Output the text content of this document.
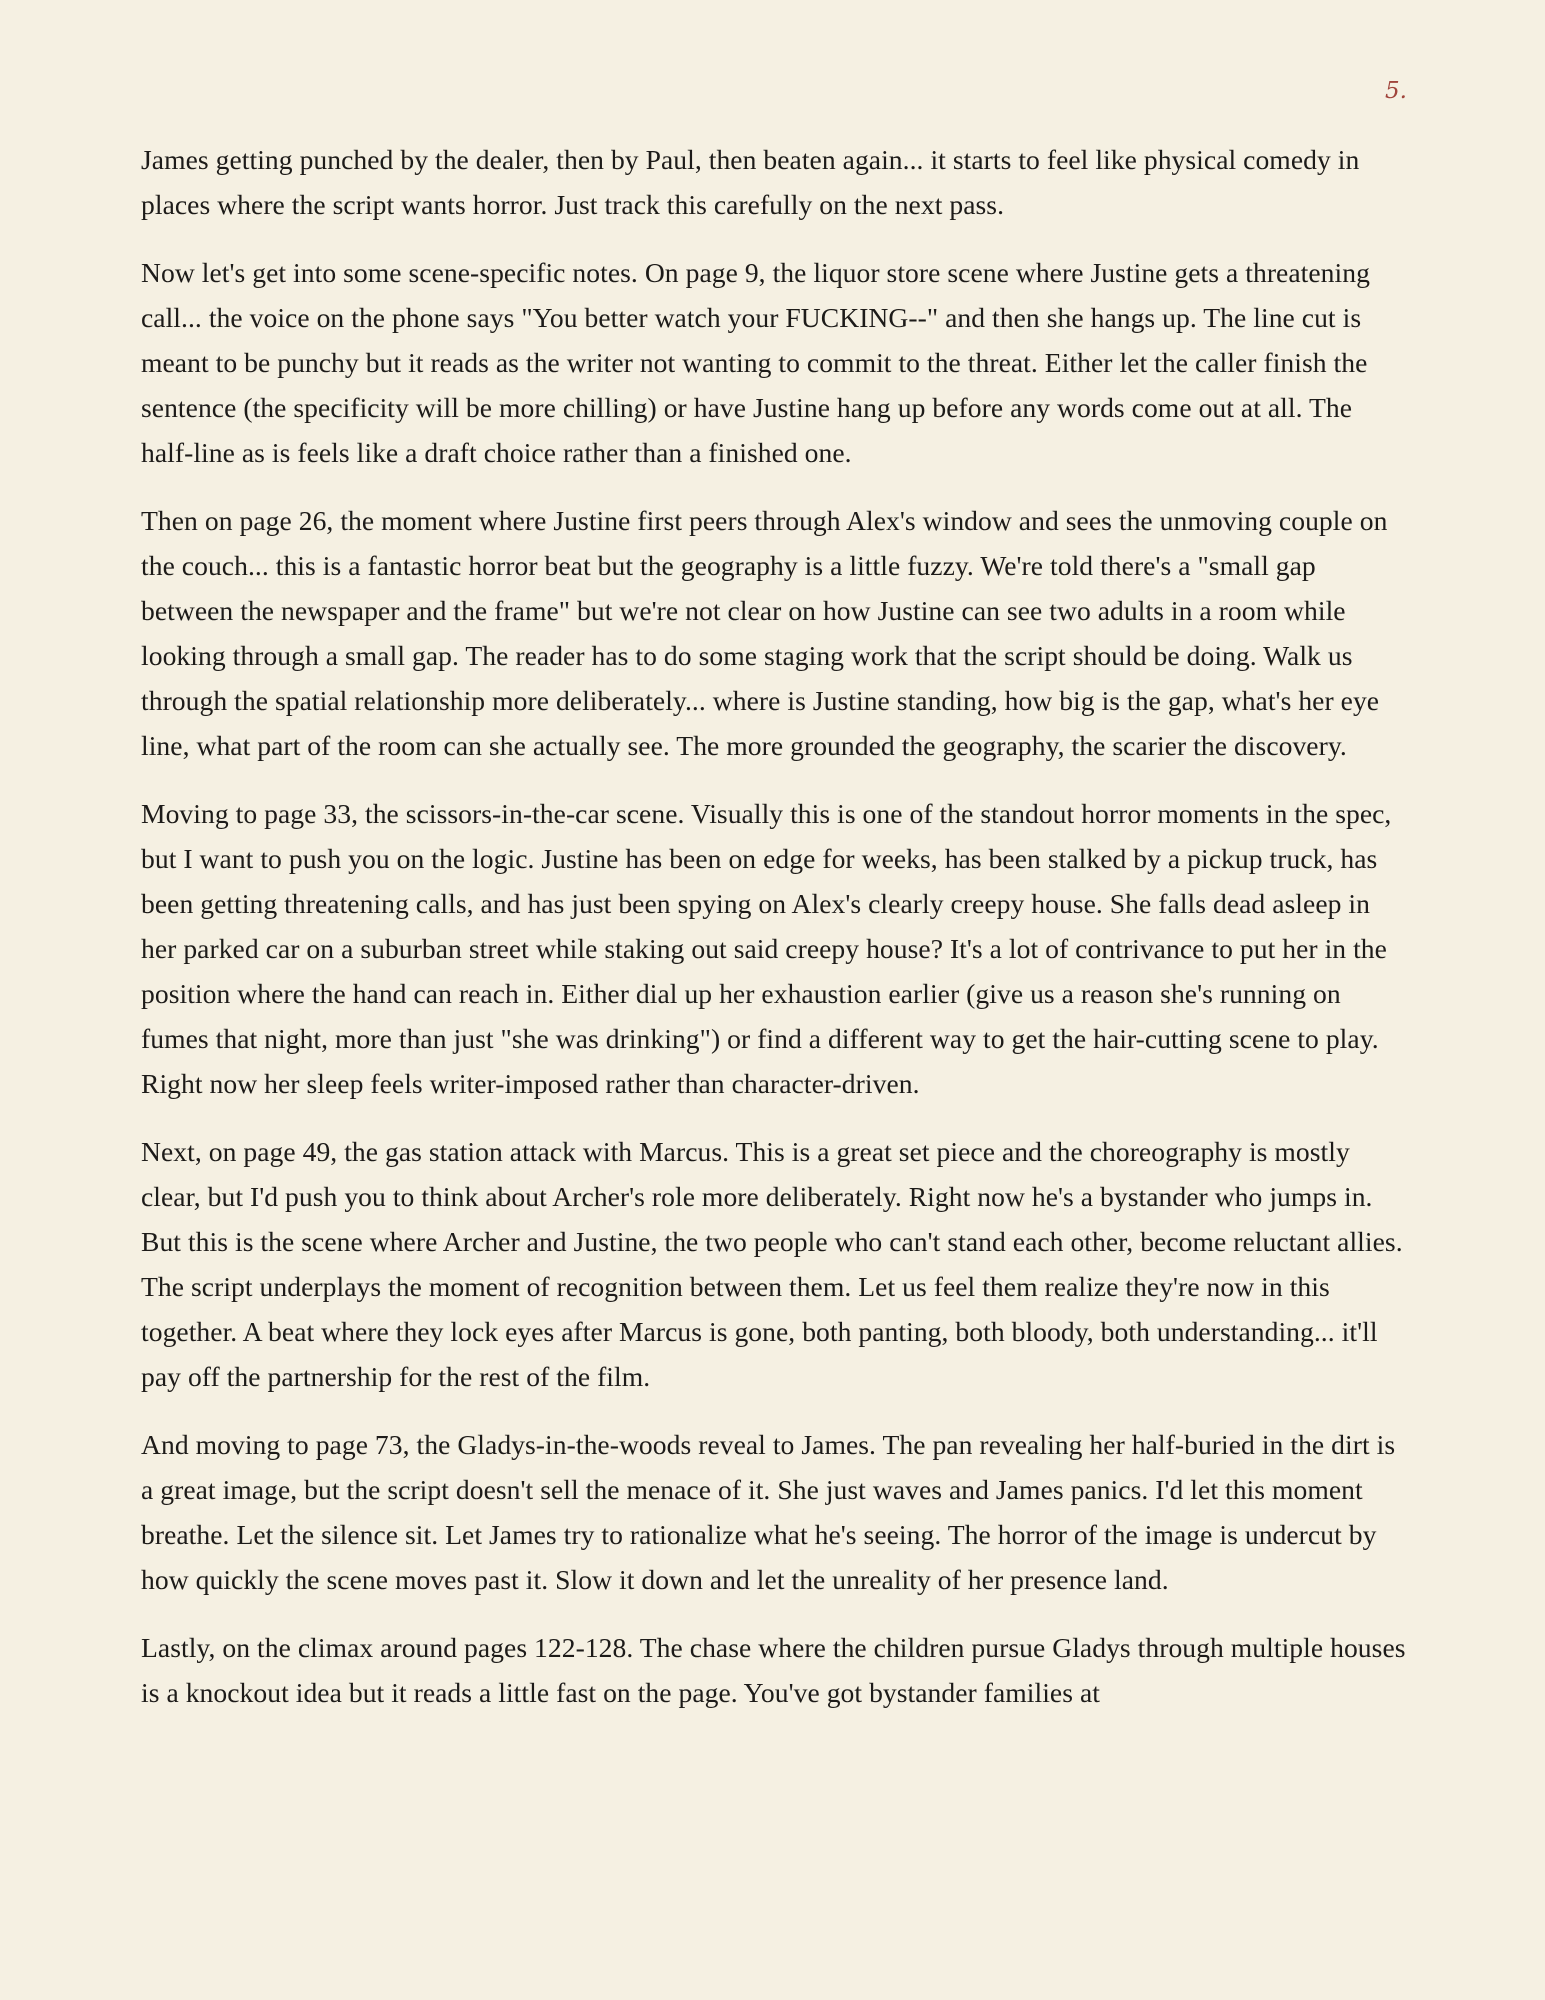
5.

James getting punched by the dealer, then by Paul, then beaten again... it starts to feel like physical comedy in places where the script wants horror. Just track this carefully on the next pass.

Now let's get into some scene-specific notes. On page 9, the liquor store scene where Justine gets a threatening call... the voice on the phone says "You better watch your FUCKING--" and then she hangs up. The line cut is meant to be punchy but it reads as the writer not wanting to commit to the threat. Either let the caller finish the sentence (the specificity will be more chilling) or have Justine hang up before any words come out at all. The half-line as is feels like a draft choice rather than a finished one.

Then on page 26, the moment where Justine first peers through Alex's window and sees the unmoving couple on the couch... this is a fantastic horror beat but the geography is a little fuzzy. We're told there's a "small gap between the newspaper and the frame" but we're not clear on how Justine can see two adults in a room while looking through a small gap. The reader has to do some staging work that the script should be doing. Walk us through the spatial relationship more deliberately... where is Justine standing, how big is the gap, what's her eye line, what part of the room can she actually see. The more grounded the geography, the scarier the discovery.

Moving to page 33, the scissors-in-the-car scene. Visually this is one of the standout horror moments in the spec, but I want to push you on the logic. Justine has been on edge for weeks, has been stalked by a pickup truck, has been getting threatening calls, and has just been spying on Alex's clearly creepy house. She falls dead asleep in her parked car on a suburban street while staking out said creepy house? It's a lot of contrivance to put her in the position where the hand can reach in. Either dial up her exhaustion earlier (give us a reason she's running on fumes that night, more than just "she was drinking") or find a different way to get the hair-cutting scene to play. Right now her sleep feels writer-imposed rather than character-driven.

Next, on page 49, the gas station attack with Marcus. This is a great set piece and the choreography is mostly clear, but I'd push you to think about Archer's role more deliberately. Right now he's a bystander who jumps in. But this is the scene where Archer and Justine, the two people who can't stand each other, become reluctant allies. The script underplays the moment of recognition between them. Let us feel them realize they're now in this together. A beat where they lock eyes after Marcus is gone, both panting, both bloody, both understanding... it'll pay off the partnership for the rest of the film.

And moving to page 73, the Gladys-in-the-woods reveal to James. The pan revealing her half-buried in the dirt is a great image, but the script doesn't sell the menace of it. She just waves and James panics. I'd let this moment breathe. Let the silence sit. Let James try to rationalize what he's seeing. The horror of the image is undercut by how quickly the scene moves past it. Slow it down and let the unreality of her presence land.

Lastly, on the climax around pages 122-128. The chase where the children pursue Gladys through multiple houses is a knockout idea but it reads a little fast on the page. You've got bystander families at
